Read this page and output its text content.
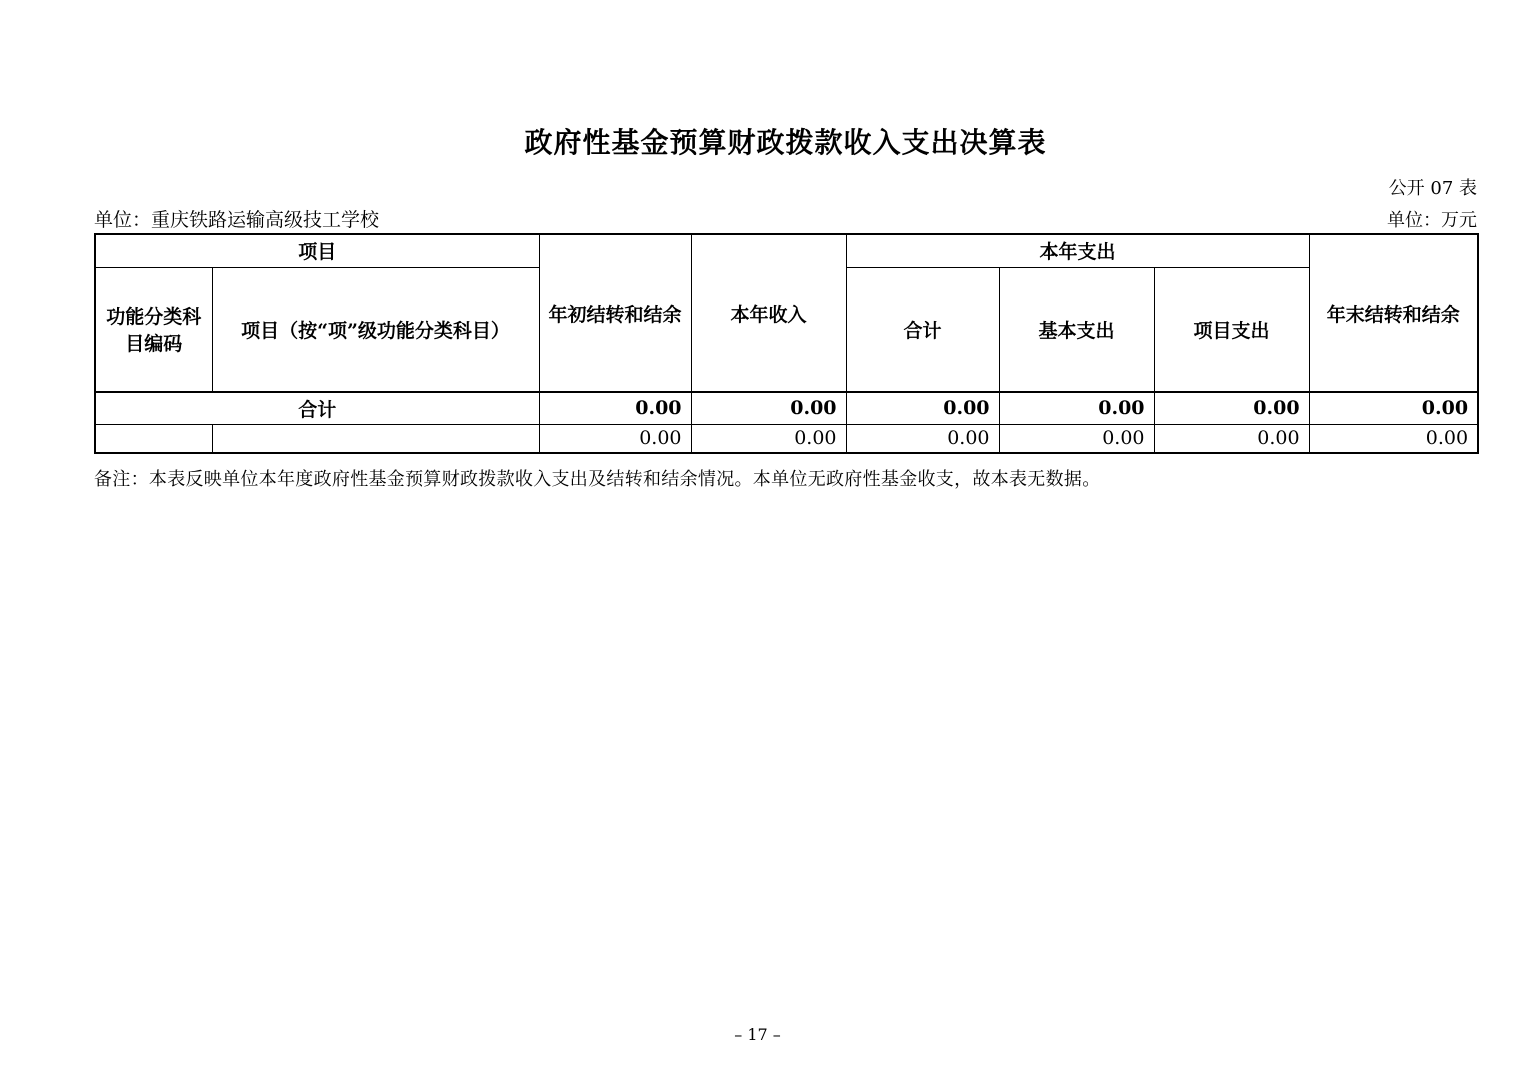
政府性基金预算财政拨款收入支出决算表
公开 07 表
单位：重庆铁路运输高级技工学校	单位：万元
项目		年初结转和结余	本年收入	本年支出			年末结转和结余
功能分类科目编码	项目（按“项”级功能分类科目）			合计	基本支出	项目支出	
合计		0.00	0.00	0.00	0.00	0.00	0.00
		0.00	0.00	0.00	0.00	0.00	0.00

备注：本表反映单位本年度政府性基金预算财政拨款收入支出及结转和结余情况。本单位无政府性基金收支，故本表无数据。

– 17 –
